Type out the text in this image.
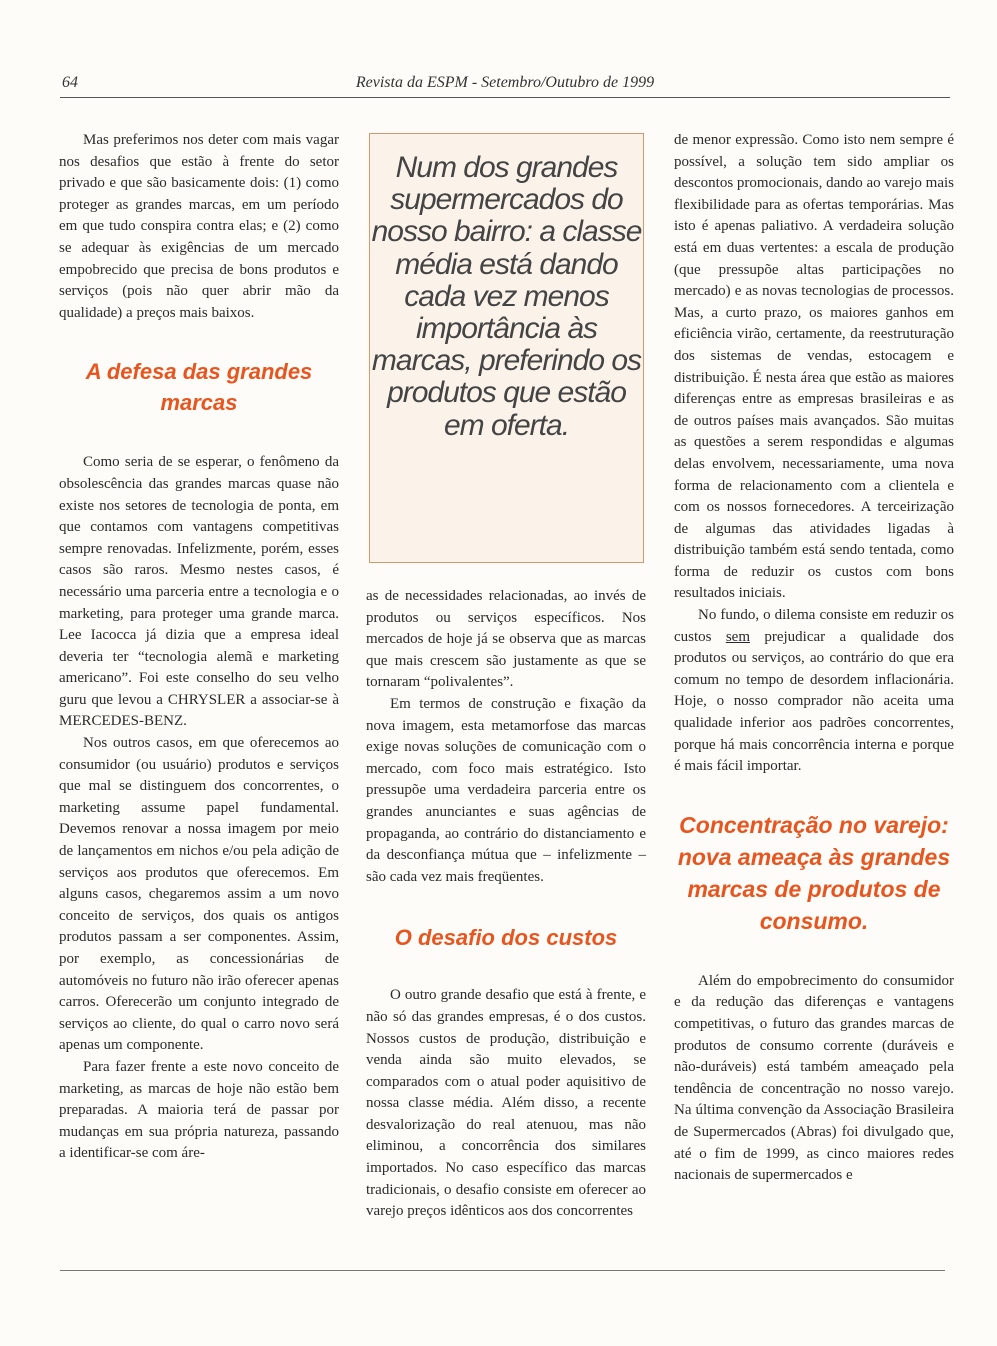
64	Revista da ESPM - Setembro/Outubro de 1999
Num dos grandes supermercados do nosso bairro: a classe média está dando cada vez menos importância às marcas, preferindo os produtos que estão em oferta.

Mas preferimos nos deter com mais vagar nos desafios que estão à frente do setor privado e que são basicamente dois: (1) como proteger as grandes marcas, em um período em que tudo conspira contra elas; e (2) como se adequar às exigências de um mercado empobrecido que precisa de bons produtos e serviços (pois não quer abrir mão da qualidade) a preços mais baixos.

A defesa das grandes marcas

Como seria de se esperar, o fenômeno da obsolescência das grandes marcas quase não existe nos setores de tecnologia de ponta, em que contamos com vantagens competitivas sempre renovadas. Infelizmente, porém, esses casos são raros. Mesmo nestes casos, é necessário uma parceria entre a tecnologia e o marketing, para proteger uma grande marca. Lee Iacocca já dizia que a empresa ideal deveria ter “tecnologia alemã e marketing americano”. Foi este conselho do seu velho guru que levou a CHRYSLER a associar-se à MERCEDES-BENZ.

Nos outros casos, em que oferecemos ao consumidor (ou usuário) produtos e serviços que mal se distinguem dos concorrentes, o marketing assume papel fundamental. Devemos renovar a nossa imagem por meio de lançamentos em nichos e/ou pela adição de serviços aos produtos que oferecemos. Em alguns casos, chegaremos assim a um novo conceito de serviços, dos quais os antigos produtos passam a ser componentes. Assim, por exemplo, as concessionárias de automóveis no futuro não irão oferecer apenas carros. Oferecerão um conjunto integrado de serviços ao cliente, do qual o carro novo será apenas um componente.

Para fazer frente a este novo conceito de marketing, as marcas de hoje não estão bem preparadas. A maioria terá de passar por mudanças em sua própria natureza, passando a identificar-se com áre-

as de necessidades relacionadas, ao invés de produtos ou serviços específicos. Nos mercados de hoje já se observa que as marcas que mais crescem são justamente as que se tornaram “polivalentes”.

Em termos de construção e fixação da nova imagem, esta metamorfose das marcas exige novas soluções de comunicação com o mercado, com foco mais estratégico. Isto pressupõe uma verdadeira parceria entre os grandes anunciantes e suas agências de propaganda, ao contrário do distanciamento e da desconfiança mútua que – infelizmente – são cada vez mais freqüentes.

O desafio dos custos

O outro grande desafio que está à frente, e não só das grandes empresas, é o dos custos. Nossos custos de produção, distribuição e venda ainda são muito elevados, se comparados com o atual poder aquisitivo de nossa classe média. Além disso, a recente desvalorização do real atenuou, mas não eliminou, a concorrência dos similares importados. No caso específico das marcas tradicionais, o desafio consiste em oferecer ao varejo preços idênticos aos dos concorrentes

de menor expressão. Como isto nem sempre é possível, a solução tem sido ampliar os descontos promocionais, dando ao varejo mais flexibilidade para as ofertas temporárias. Mas isto é apenas paliativo. A verdadeira solução está em duas vertentes: a escala de produção (que pressupõe altas participações no mercado) e as novas tecnologias de processos. Mas, a curto prazo, os maiores ganhos em eficiência virão, certamente, da reestruturação dos sistemas de vendas, estocagem e distribuição. É nesta área que estão as maiores diferenças entre as empresas brasileiras e as de outros países mais avançados. São muitas as questões a serem respondidas e algumas delas envolvem, necessariamente, uma nova forma de relacionamento com a clientela e com os nossos fornecedores. A terceirização de algumas das atividades ligadas à distribuição também está sendo tentada, como forma de reduzir os custos com bons resultados iniciais.

No fundo, o dilema consiste em reduzir os custos sem prejudicar a qualidade dos produtos ou serviços, ao contrário do que era comum no tempo de desordem inflacionária. Hoje, o nosso comprador não aceita uma qualidade inferior aos padrões concorrentes, porque há mais concorrência interna e porque é mais fácil importar.

Concentração no varejo: nova ameaça às grandes marcas de produtos de consumo.

Além do empobrecimento do consumidor e da redução das diferenças e vantagens competitivas, o futuro das grandes marcas de produtos de consumo corrente (duráveis e não-duráveis) está também ameaçado pela tendência de concentração no nosso varejo. Na última convenção da Associação Brasileira de Supermercados (Abras) foi divulgado que, até o fim de 1999, as cinco maiores redes nacionais de supermercados e
